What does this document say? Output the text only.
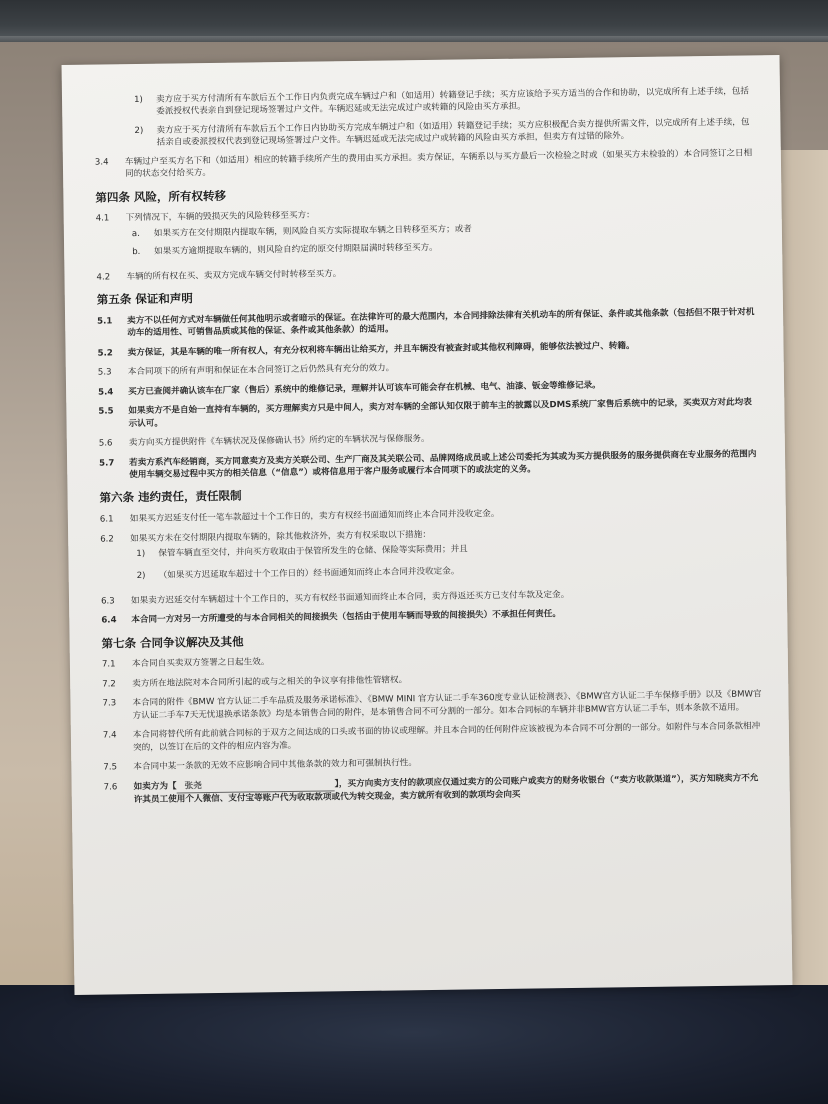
1)	卖方应于买方付清所有车款后五个工作日内负责完成车辆过户和（如适用）转籍登记手续；买方应该给予买方适当的合作和协助，以完成所有上述手续，包括委派授权代表亲自到登记现场签署过户文件。车辆迟延或无法完成过户或转籍的风险由买方承担。
2)	卖方应于买方付清所有车款后五个工作日内协助买方完成车辆过户和（如适用）转籍登记手续；买方应积极配合卖方提供所需文件，以完成所有上述手续，包括亲自或委派授权代表到登记现场签署过户文件。车辆迟延或无法完成过户或转籍的风险由买方承担，但卖方有过错的除外。
3.4	车辆过户至买方名下和（如适用）相应的转籍手续所产生的费用由买方承担。卖方保证，车辆系以与买方最后一次检验之时或（如果买方未检验的）本合同签订之日相同的状态交付给买方。
第四条 风险，所有权转移
4.1	下列情况下，车辆的毁损灭失的风险转移至买方：
a.	如果买方在交付期限内提取车辆，则风险自买方实际提取车辆之日转移至买方；或者
b.	如果买方逾期提取车辆的，则风险自约定的原交付期限届满时转移至买方。
4.2	车辆的所有权在买、卖双方完成车辆交付时转移至买方。
第五条 保证和声明
5.1	卖方不以任何方式对车辆做任何其他明示或者暗示的保证。在法律许可的最大范围内，本合同排除法律有关机动车的所有保证、条件或其他条款（包括但不限于针对机动车的适用性、可销售品质或其他的保证、条件或其他条款）的适用。
5.2	卖方保证，其是车辆的唯一所有权人，有充分权利将车辆出让给买方，并且车辆没有被查封或其他权利障碍，能够依法被过户、转籍。
5.3	本合同项下的所有声明和保证在本合同签订之后仍然具有充分的效力。
5.4	买方已查阅并确认该车在厂家（售后）系统中的维修记录，理解并认可该车可能会存在机械、电气、油漆、钣金等维修记录。
5.5	如果卖方不是自始一直持有车辆的，买方理解卖方只是中间人，卖方对车辆的全部认知仅限于前车主的披露以及DMS系统厂家售后系统中的记录，买卖双方对此均表示认可。
5.6	卖方向买方提供附件《车辆状况及保修确认书》所约定的车辆状况与保修服务。
5.7	若卖方系汽车经销商，买方同意卖方及卖方关联公司、生产厂商及其关联公司、品牌网络成员或上述公司委托为其或为买方提供服务的服务提供商在专业服务的范围内使用车辆交易过程中买方的相关信息（“信息”）或将信息用于客户服务或履行本合同项下的或法定的义务。
第六条 违约责任，责任限制
6.1	如果买方迟延支付任一笔车款超过十个工作日的，卖方有权经书面通知而终止本合同并没收定金。
6.2	如果买方未在交付期限内提取车辆的，除其他救济外，卖方有权采取以下措施：
1)	保管车辆直至交付，并向买方收取由于保管所发生的仓储、保险等实际费用；并且
2)	（如果买方迟延取车超过十个工作日的）经书面通知而终止本合同并没收定金。
6.3	如果卖方迟延交付车辆超过十个工作日的，买方有权经书面通知而终止本合同，卖方得返还买方已支付车款及定金。
6.4	本合同一方对另一方所遭受的与本合同相关的间接损失（包括由于使用车辆而导致的间接损失）不承担任何责任。
第七条 合同争议解决及其他
7.1	本合同自买卖双方签署之日起生效。
7.2	卖方所在地法院对本合同所引起的或与之相关的争议享有排他性管辖权。
7.3	本合同的附件《BMW 官方认证二手车品质及服务承诺标准》、《BMW MINI 官方认证二手车360度专业认证检测表》、《BMW官方认证二手车保修手册》以及《BMW官方认证二手车7天无忧退换承诺条款》均是本销售合同的附件，是本销售合同不可分割的一部分。如本合同标的车辆并非BMW官方认证二手车，则本条款不适用。
7.4	本合同将替代所有此前就合同标的于双方之间达成的口头或书面的协议或理解。并且本合同的任何附件应该被视为本合同不可分割的一部分。如附件与本合同条款相冲突的，以签订在后的文件的相应内容为准。
7.5	本合同中某一条款的无效不应影响合同中其他条款的效力和可强制执行性。
7.6	如卖方为【 张尧	】，买方向卖方支付的款项应仅通过卖方的公司账户或卖方的财务收银台（“卖方收款渠道”），买方知晓卖方不允许其员工使用个人微信、支付宝等账户代为收取款项或代为转交现金，卖方就所有收到的款项均会向买
